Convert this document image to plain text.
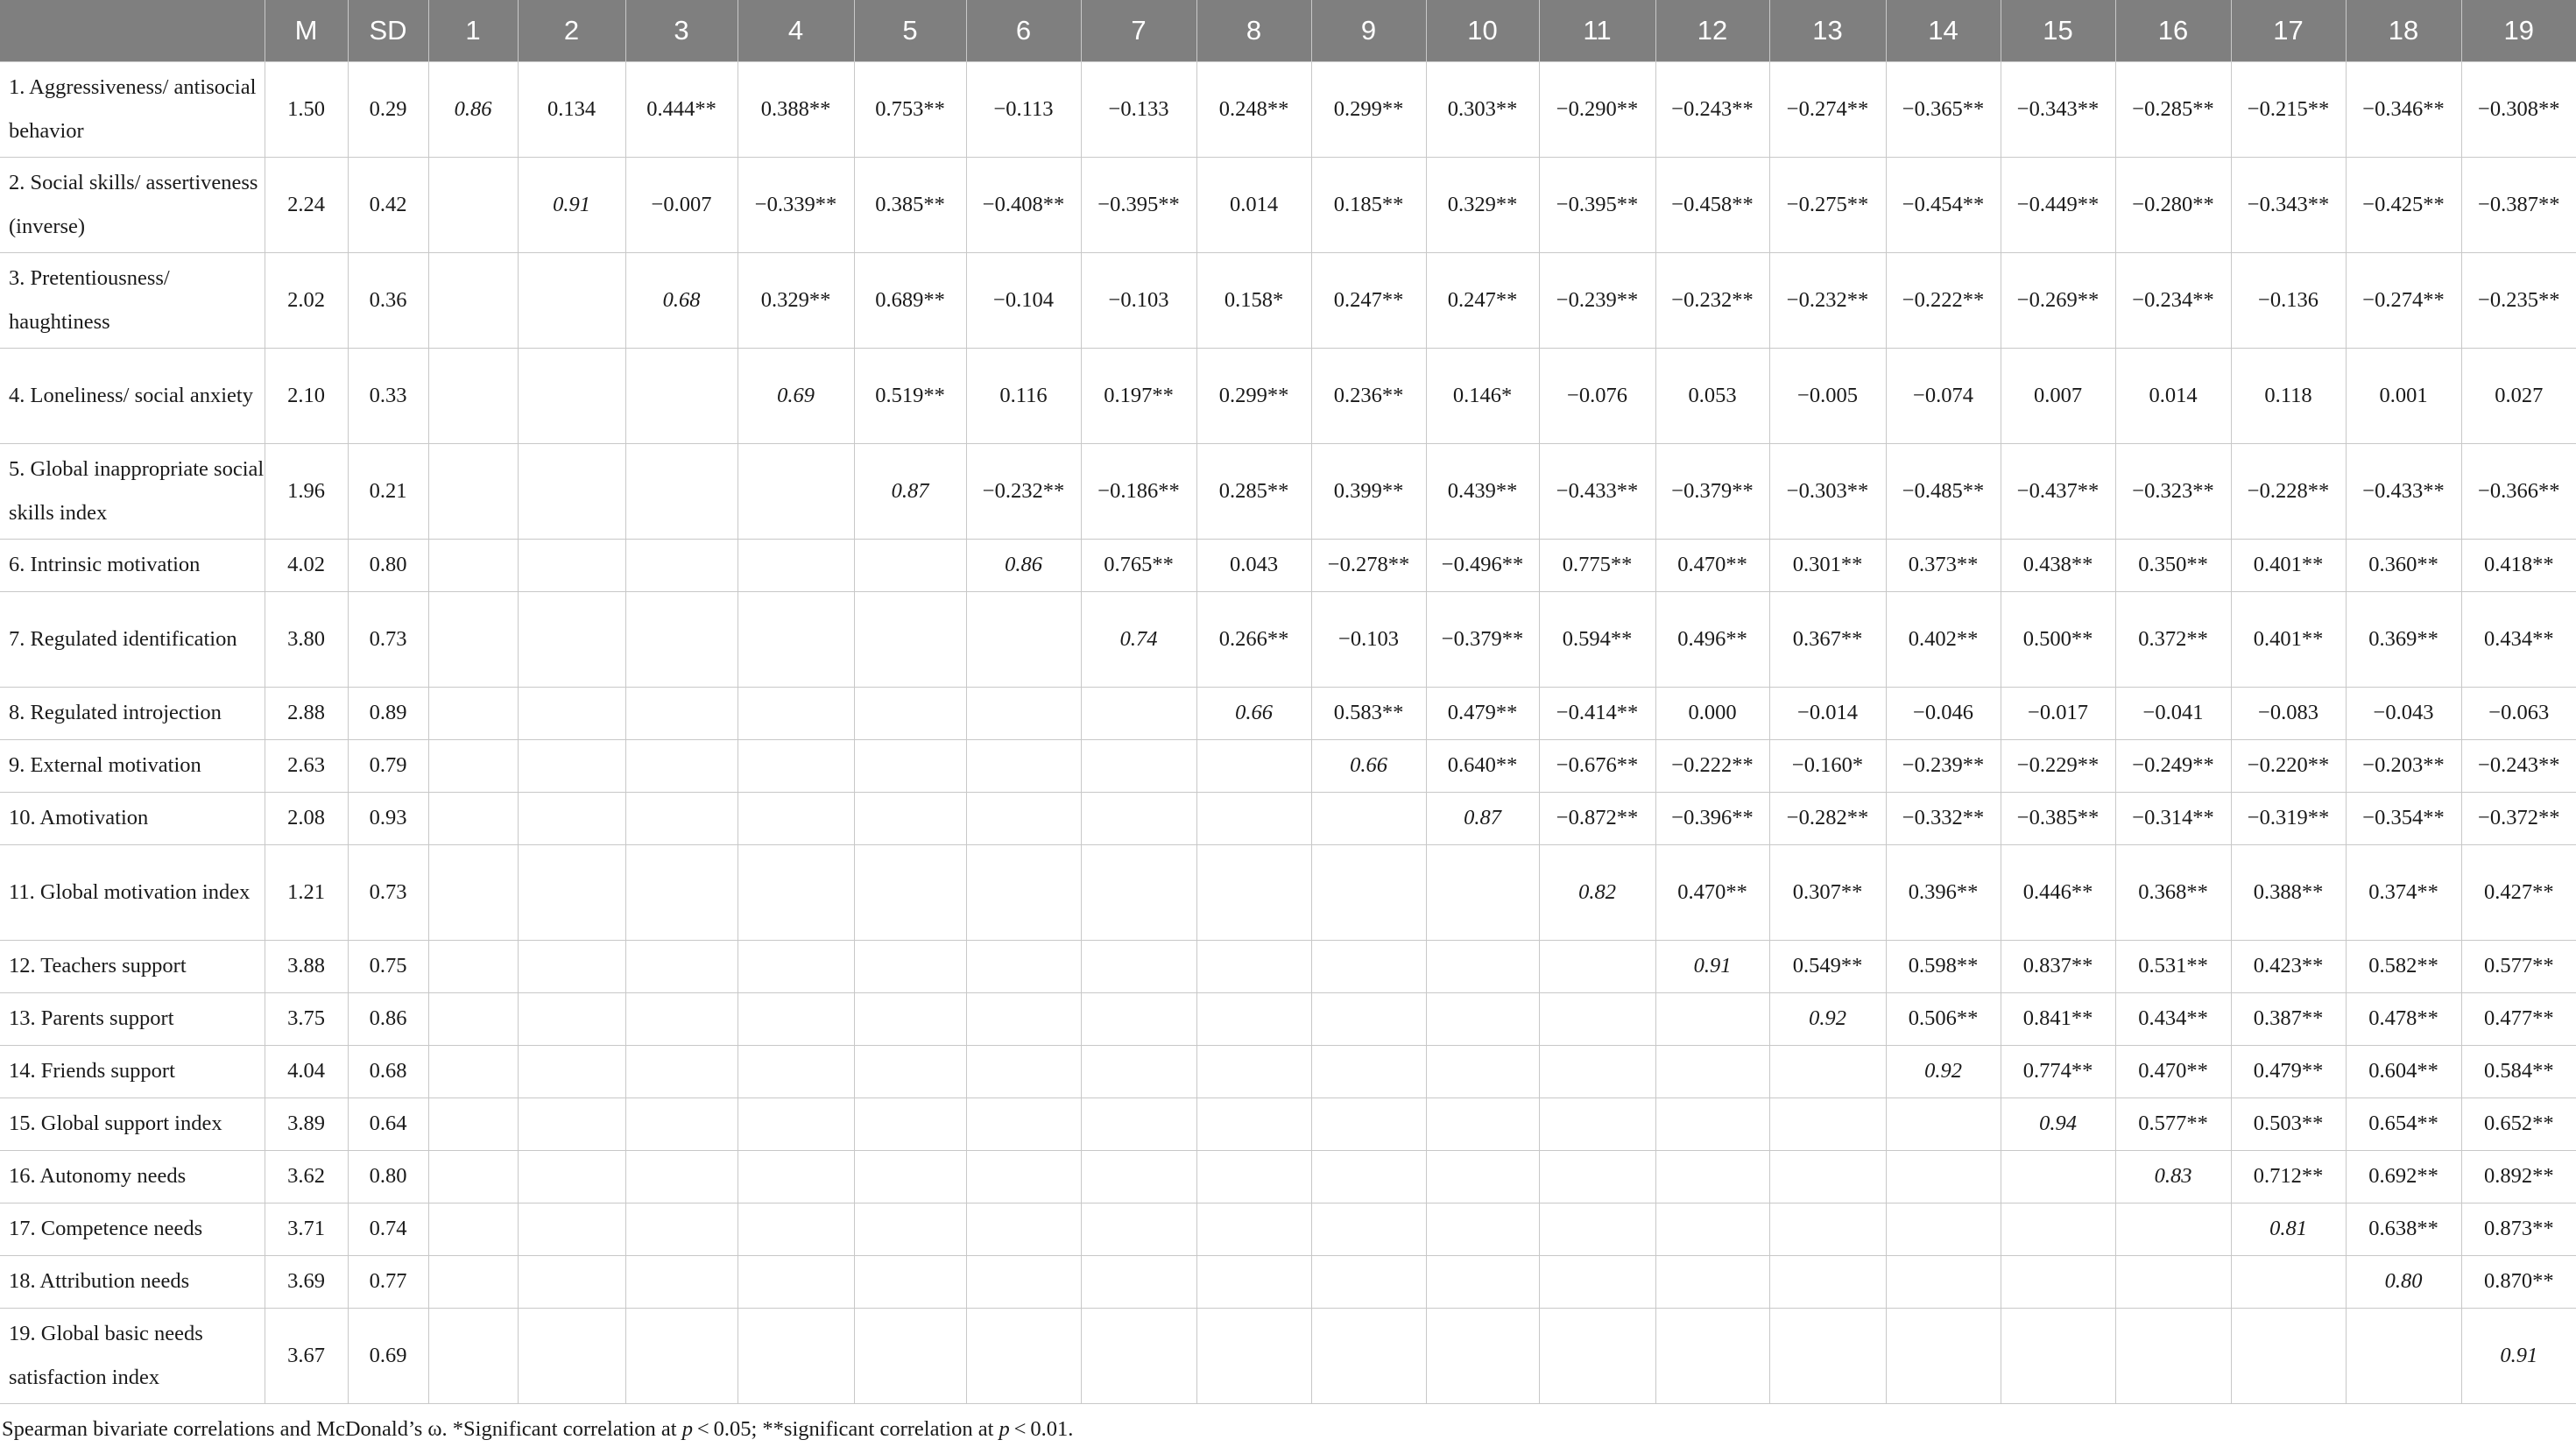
	M	SD	1	2	3	4	5	6	7	8	9	10	11	12	13	14	15	16	17	18	19
1. Aggressiveness/ antisocial behavior	1.50	0.29	0.86	0.134	0.444**	0.388**	0.753**	−0.113	−0.133	0.248**	0.299**	0.303**	−0.290**	−0.243**	−0.274**	−0.365**	−0.343**	−0.285**	−0.215**	−0.346**	−0.308**
2. Social skills/ assertiveness (inverse)	2.24	0.42		0.91	−0.007	−0.339**	0.385**	−0.408**	−0.395**	0.014	0.185**	0.329**	−0.395**	−0.458**	−0.275**	−0.454**	−0.449**	−0.280**	−0.343**	−0.425**	−0.387**
3. Pretentiousness/ haughtiness	2.02	0.36			0.68	0.329**	0.689**	−0.104	−0.103	0.158*	0.247**	0.247**	−0.239**	−0.232**	−0.232**	−0.222**	−0.269**	−0.234**	−0.136	−0.274**	−0.235**
4. Loneliness/ social anxiety	2.10	0.33				0.69	0.519**	0.116	0.197**	0.299**	0.236**	0.146*	−0.076	0.053	−0.005	−0.074	0.007	0.014	0.118	0.001	0.027
5. Global inappropriate social skills index	1.96	0.21					0.87	−0.232**	−0.186**	0.285**	0.399**	0.439**	−0.433**	−0.379**	−0.303**	−0.485**	−0.437**	−0.323**	−0.228**	−0.433**	−0.366**
6. Intrinsic motivation	4.02	0.80						0.86	0.765**	0.043	−0.278**	−0.496**	0.775**	0.470**	0.301**	0.373**	0.438**	0.350**	0.401**	0.360**	0.418**
7. Regulated identification	3.80	0.73							0.74	0.266**	−0.103	−0.379**	0.594**	0.496**	0.367**	0.402**	0.500**	0.372**	0.401**	0.369**	0.434**
8. Regulated introjection	2.88	0.89								0.66	0.583**	0.479**	−0.414**	0.000	−0.014	−0.046	−0.017	−0.041	−0.083	−0.043	−0.063
9. External motivation	2.63	0.79									0.66	0.640**	−0.676**	−0.222**	−0.160*	−0.239**	−0.229**	−0.249**	−0.220**	−0.203**	−0.243**
10. Amotivation	2.08	0.93										0.87	−0.872**	−0.396**	−0.282**	−0.332**	−0.385**	−0.314**	−0.319**	−0.354**	−0.372**
11. Global motivation index	1.21	0.73											0.82	0.470**	0.307**	0.396**	0.446**	0.368**	0.388**	0.374**	0.427**
12. Teachers support	3.88	0.75												0.91	0.549**	0.598**	0.837**	0.531**	0.423**	0.582**	0.577**
13. Parents support	3.75	0.86													0.92	0.506**	0.841**	0.434**	0.387**	0.478**	0.477**
14. Friends support	4.04	0.68														0.92	0.774**	0.470**	0.479**	0.604**	0.584**
15. Global support index	3.89	0.64															0.94	0.577**	0.503**	0.654**	0.652**
16. Autonomy needs	3.62	0.80																0.83	0.712**	0.692**	0.892**
17. Competence needs	3.71	0.74																	0.81	0.638**	0.873**
18. Attribution needs	3.69	0.77																		0.80	0.870**
19. Global basic needs satisfaction index	3.67	0.69																			0.91
Spearman bivariate correlations and McDonald’s ω. *Significant correlation at p < 0.05; **significant correlation at p < 0.01.
